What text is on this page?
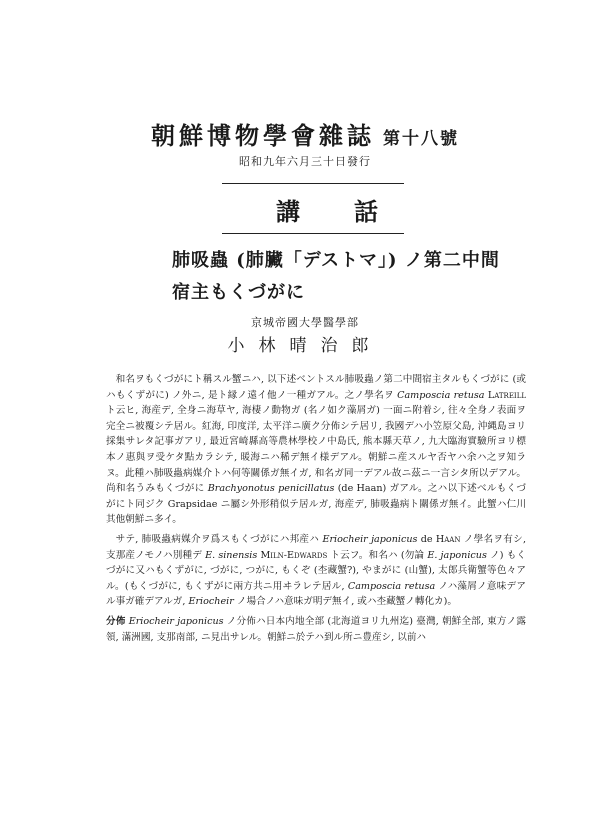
朝鮮博物學會雜誌 第十八號
昭和九年六月三十日發行
講話
肺吸蟲 (肺臟「デストマ」) ノ第二中間
宿主もくづがに
京城帝國大學醫學部
小林晴治郎

和名ヲもくづがにト稱スル蟹ニハ, 以下述ベントスル肺吸蟲ノ第二中間宿主タルもくづがに (或ハもくずがに) ノ外ニ, 是ト縁ノ遠イ他ノ一種ガアル。之ノ學名ヲ Camposcia retusa Latreill ト云ヒ, 海産デ, 全身ニ海草ヤ, 海棲ノ動物ガ (名ノ如ク藻屑ガ) 一面ニ附着シ, 往々全身ノ表面ヲ完全ニ被覆シテ居ル。紅海, 印度洋, 太平洋ニ廣ク分佈シテ居リ, 我國デハ小笠原父島, 沖縄島ヨリ採集サレタ記事ガアリ, 最近宮崎縣高等農林學校ノ中島氏, 熊本縣天草ノ, 九大臨海實驗所ヨリ標本ノ惠與ヲ受ケタ點カラシテ, 暖海ニハ稀デ無イ様デアル。朝鮮ニ産スルヤ否ヤハ余ハ之ヲ知ラヌ。此種ハ肺吸蟲病媒介トハ何等關係ガ無イガ, 和名ガ同一デアル故ニ茲ニ一言シタ所以デアル。尚和名うみもくづがに Brachyonotus penicillatus (de Haan) ガアル。之ハ以下述べルもくづがにト同ジク Grapsidae ニ屬シ外形稍似テ居ルガ, 海産デ, 肺吸蟲病ト關係ガ無イ。此蟹ハ仁川其他朝鮮ニ多イ。

サテ, 肺吸蟲病媒介ヲ爲スもくづがにハ邦産ハ Eriocheir japonicus de Haan ノ學名ヲ有シ, 支那産ノモノハ別種デ E. sinensis Miln-Edwards ト云フ。和名ハ (勿論 E. japonicus ノ) もくづがに又ハもくずがに, づがに, つがに, もくぞ (杢藏蟹?), やまがに (山蟹), 太郎兵衛蟹等色々アル。(もくづがに, もくずがに兩方共ニ用ヰラレテ居ル, Camposcia retusa ノハ藻屑ノ意味デアル事ガ確デアルガ, Eriocheir ノ場合ノハ意味ガ明デ無イ, 或ハ杢藏蟹ノ轉化カ)。

分佈 Eriocheir japonicus ノ分佈ハ日本内地全部 (北海道ヨリ九州迄) 臺灣, 朝鮮全部, 東方ノ露領, 滿洲國, 支那南部, ニ見出サレル。朝鮮ニ於テハ到ル所ニ豊産シ, 以前ハ
